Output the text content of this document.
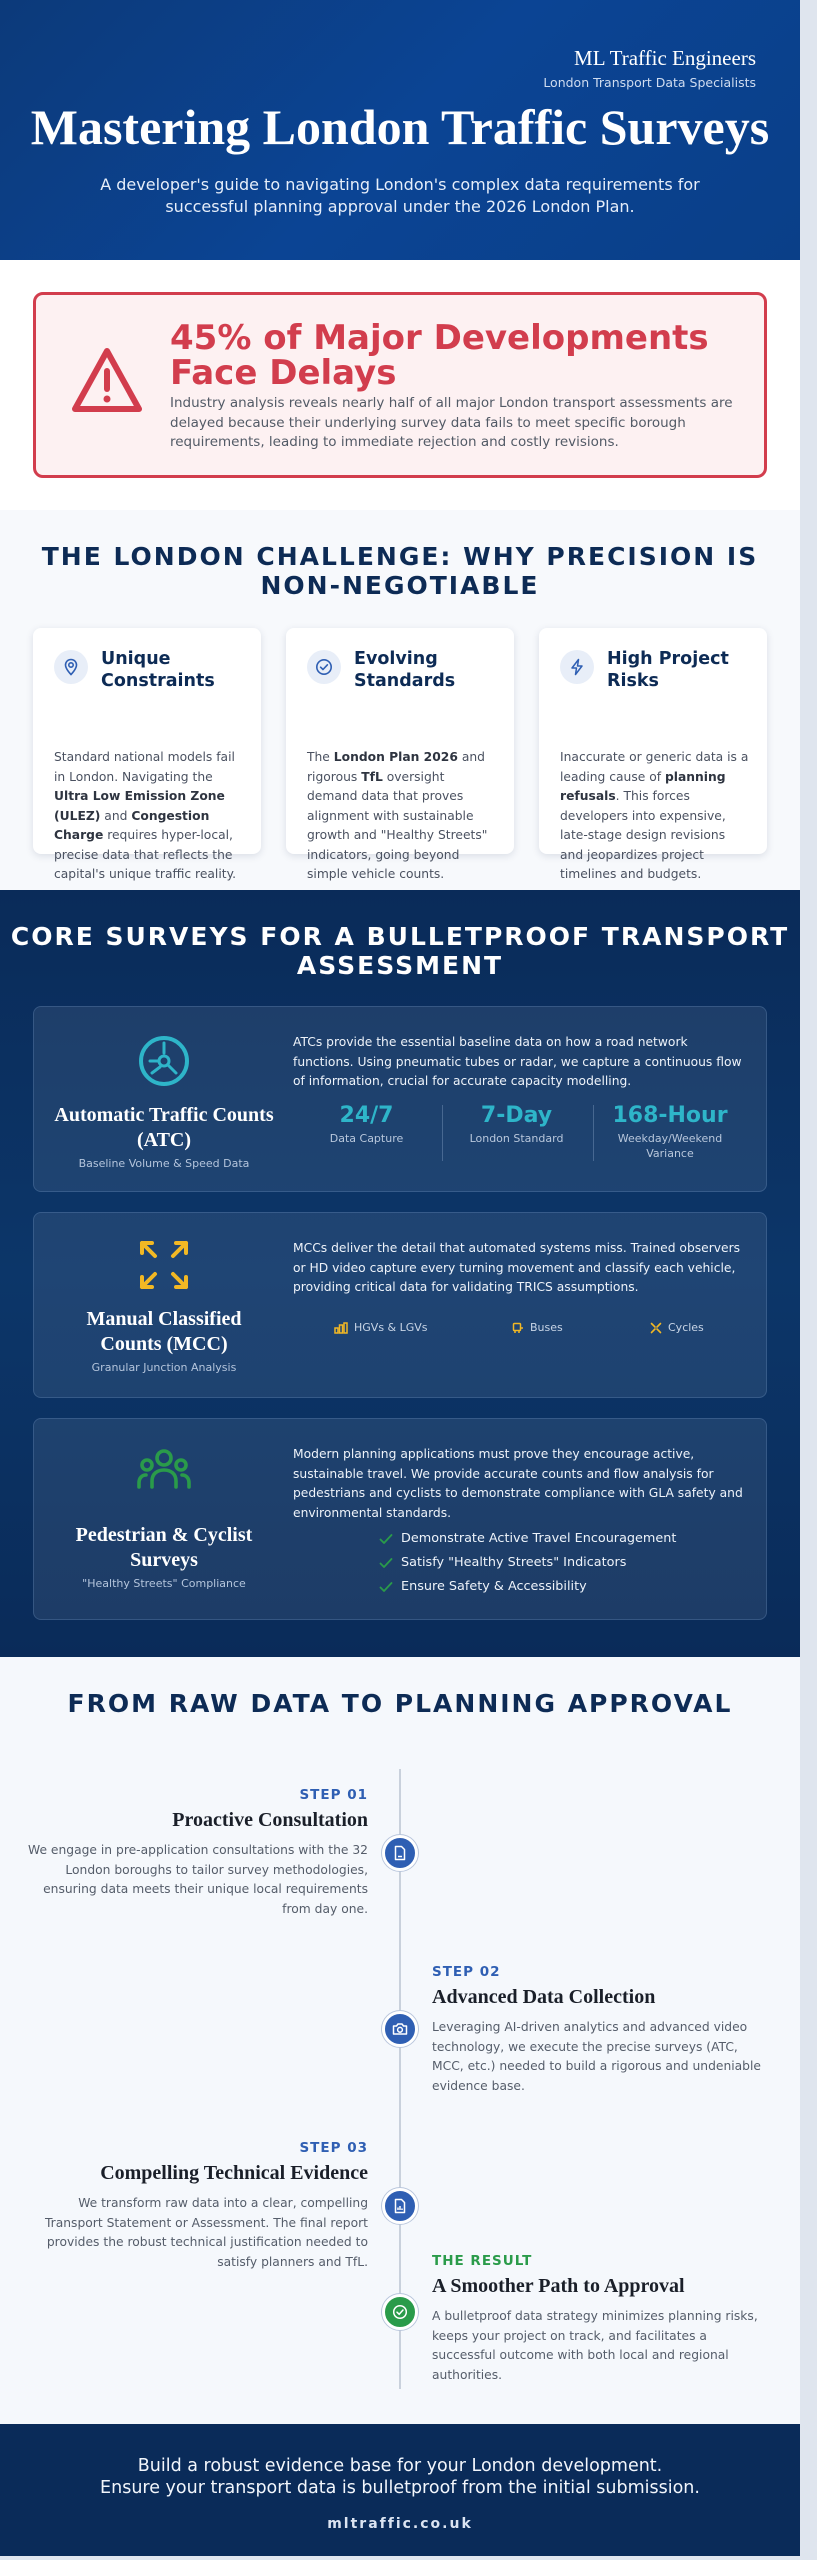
ML Traffic Engineers
London Transport Data Specialists
Mastering London Traffic Surveys

A developer's guide to navigating London's complex data requirements for successful planning approval under the 2026 London Plan.

45% of Major Developments Face Delays
Industry analysis reveals nearly half of all major London transport assessments are delayed because their underlying survey data fails to meet specific borough requirements, leading to immediate rejection and costly revisions.
THE LONDON CHALLENGE: WHY PRECISION IS NON-NEGOTIABLE
Unique Constraints

Standard national models fail in London. Navigating the Ultra Low Emission Zone (ULEZ) and Congestion Charge requires hyper-local, precise data that reflects the capital's unique traffic reality.

Evolving Standards

The London Plan 2026 and rigorous TfL oversight demand data that proves alignment with sustainable growth and "Healthy Streets" indicators, going beyond simple vehicle counts.

High Project Risks

Inaccurate or generic data is a leading cause of planning refusals. This forces developers into expensive, late-stage design revisions and jeopardizes project timelines and budgets.

CORE SURVEYS FOR A BULLETPROOF TRANSPORT ASSESSMENT
Automatic Traffic Counts (ATC)
Baseline Volume & Speed Data

ATCs provide the essential baseline data on how a road network functions. Using pneumatic tubes or radar, we capture a continuous flow of information, crucial for accurate capacity modelling.

24/7
Data Capture
7-Day
London Standard
168-Hour
Weekday/Weekend Variance
Manual Classified Counts (MCC)
Granular Junction Analysis

MCCs deliver the detail that automated systems miss. Trained observers or HD video capture every turning movement and classify each vehicle, providing critical data for validating TRICS assumptions.

HGVs & LGVs	Buses	Cycles
Pedestrian & Cyclist Surveys
"Healthy Streets" Compliance

Modern planning applications must prove they encourage active, sustainable travel. We provide accurate counts and flow analysis for pedestrians and cyclists to demonstrate compliance with GLA safety and environmental standards.

Demonstrate Active Travel Encouragement
Satisfy "Healthy Streets" Indicators
Ensure Safety & Accessibility
FROM RAW DATA TO PLANNING APPROVAL
STEP 01
Proactive Consultation

We engage in pre-application consultations with the 32 London boroughs to tailor survey methodologies, ensuring data meets their unique local requirements from day one.

STEP 02
Advanced Data Collection

Leveraging AI-driven analytics and advanced video technology, we execute the precise surveys (ATC, MCC, etc.) needed to build a rigorous and undeniable evidence base.

STEP 03
Compelling Technical Evidence

We transform raw data into a clear, compelling Transport Statement or Assessment. The final report provides the robust technical justification needed to satisfy planners and TfL.	THE RESULT
A Smoother Path to Approval

A bulletproof data strategy minimizes planning risks, keeps your project on track, and facilitates a successful outcome with both local and regional authorities.

Build a robust evidence base for your London development.
Ensure your transport data is bulletproof from the initial submission.
mltraffic.co.uk
